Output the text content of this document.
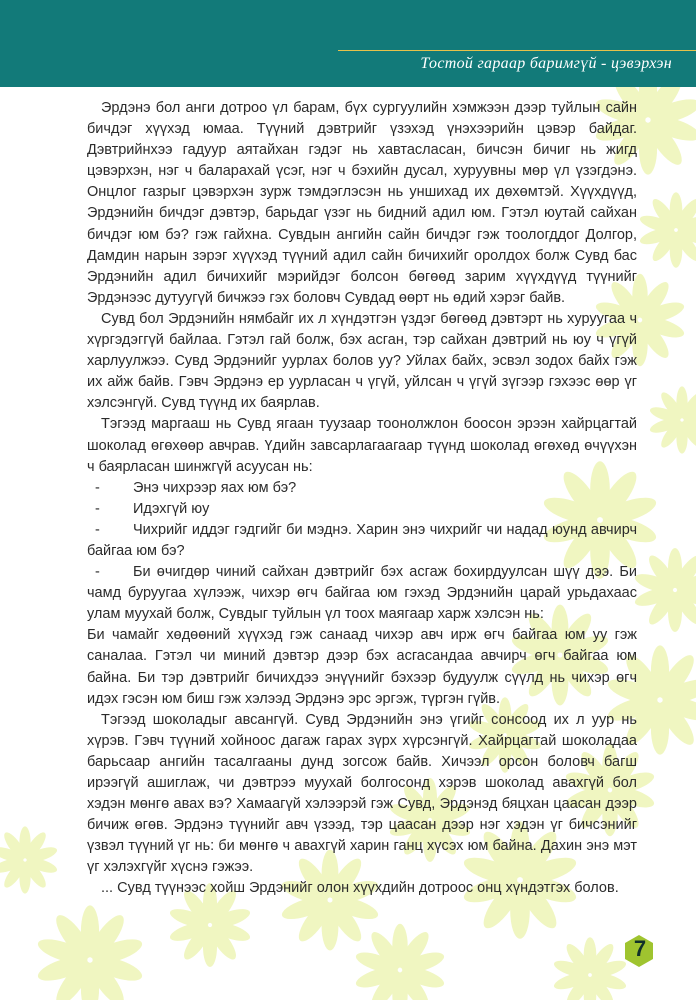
Тостой гараар баримгүй - цэвэрхэн

Эрдэнэ бол анги дотроо үл барам, бүх сургуулийн хэмжээн дээр туйлын сайн бичдэг хүүхэд юмаа. Түүний дэвтрийг үзэхэд үнэхээрийн цэвэр байдаг. Дэвтрийнхээ гадуур аятайхан гэдэг нь хавтасласан, бичсэн бичиг нь жигд цэвэрхэн, нэг ч баларахай үсэг, нэг ч бэхийн дусал, хуруувны мөр үл үзэгдэнэ. Онцлог газрыг цэвэрхэн зурж тэмдэглэсэн нь уншихад их дөхөмтэй. Хүүхдүүд, Эрдэнийн бичдэг дэвтэр, барьдаг үзэг нь бидний адил юм. Гэтэл юутай сайхан бичдэг юм бэ? гэж гайхна. Сувдын ангийн сайн бичдэг гэж тоологддог Долгор, Дамдин нарын зэрэг хүүхэд түүний адил сайн бичихийг оролдох болж Сувд бас Эрдэнийн адил бичихийг мэрийдэг болсон бөгөөд зарим хүүхдүүд түүнийг Эрдэнээс дутуугүй бичжээ гэх боловч Сувдад өөрт нь өдий хэрэг байв.

Сувд бол Эрдэнийн нямбайг их л хүндэтгэн үздэг бөгөөд дэвтэрт нь хуруугаа ч хүргэдэггүй байлаа. Гэтэл гай болж, бэх асган, тэр сайхан дэвтрий нь юу ч үгүй харлуулжээ. Сувд Эрдэнийг уурлах болов уу? Уйлах байх, эсвэл зодох байх гэж их айж байв. Гэвч Эрдэнэ ер уурласан ч үгүй, уйлсан ч үгүй зүгээр гэхээс өөр үг хэлсэнгүй. Сувд түүнд их баярлав.

Тэгээд маргааш нь Сувд ягаан туузаар тоонолжлон боосон эрээн хайрцагтай шоколад өгөхөөр авчрав. Үдийн завсарлагаагаар түүнд шоколад өгөхөд өчүүхэн ч баярласан шинжгүй асуусан нь:

- Энэ чихрээр яах юм бэ?
- Идэхгүй юу
- Чихрийг иддэг гэдгийг би мэднэ. Харин энэ чихрийг чи надад юунд авчирч байгаа юм бэ?
- Би өчигдөр чиний сайхан дэвтрийг бэх асгаж бохирдуулсан шүү дээ. Би чамд буруугаа хүлээж, чихэр өгч байгаа юм гэхэд Эрдэнийн царай урьдахаас улам муухай болж, Сувдыг туйлын үл тоох маягаар харж хэлсэн нь:

Би чамайг хөдөөний хүүхэд гэж санаад чихэр авч ирж өгч байгаа юм уу гэж саналаа. Гэтэл чи миний дэвтэр дээр бэх асгасандаа авчирч өгч байгаа юм байна. Би тэр дэвтрийг бичихдээ энүүнийг бэхээр будуулж сүүлд нь чихэр өгч идэх гэсэн юм биш гэж хэлээд Эрдэнэ эрс эргэж, түргэн гүйв.

Тэгээд шоколадыг авсангүй. Сувд Эрдэнийн энэ үгийг сонсоод их л уур нь хүрэв. Гэвч түүний хойноос дагаж гарах зүрх хүрсэнгүй. Хайрцагтай шоколадаа барьсаар ангийн тасалгааны дунд зогсож байв. Хичээл орсон боловч багш ирээгүй ашиглаж, чи дэвтрээ муухай болгосонд хэрэв шоколад авахгүй бол хэдэн мөнгө авах вэ? Хамаагүй хэлээрэй гэж Сувд, Эрдэнэд бяцхан цаасан дээр бичиж өгөв. Эрдэнэ түүнийг авч үзээд, тэр цаасан дээр нэг хэдэн үг бичсэнийг үзвэл түүний үг нь: би мөнгө ч авахгүй харин ганц хүсэх юм байна. Дахин энэ мэт үг хэлэхгүйг хүснэ гэжээ.

... Сувд түүнээс хойш Эрдэнийг олон хүүхдийн дотроос онц хүндэтгэх болов.

7
